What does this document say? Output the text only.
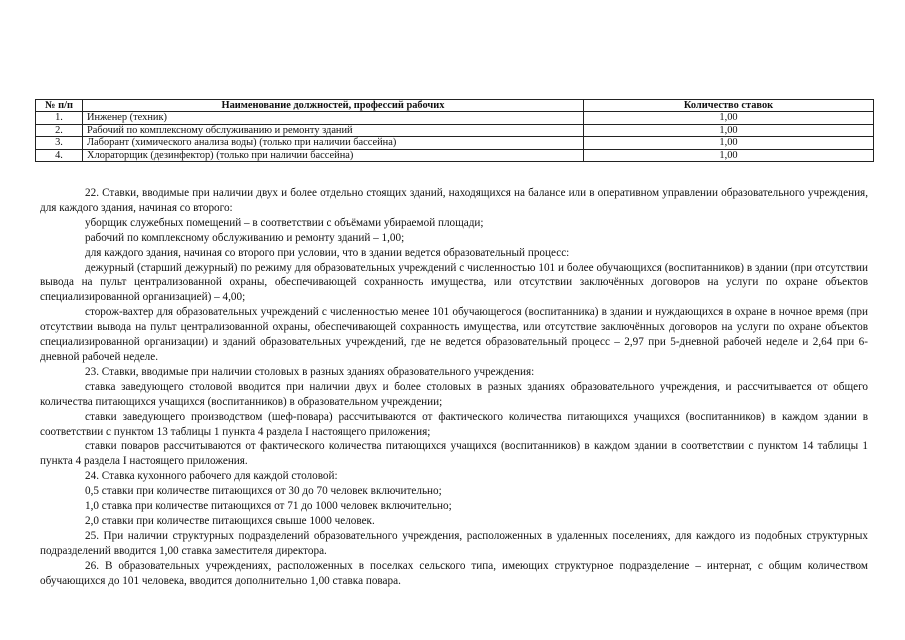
№ п/п	Наименование должностей, профессий рабочих	Количество ставок
1.	Инженер (техник)	1,00
2.	Рабочий по комплексному обслуживанию и ремонту зданий	1,00
3.	Лаборант (химического анализа воды) (только при наличии бассейна)	1,00
4.	Хлораторщик (дезинфектор) (только при наличии бассейна)	1,00

22. Ставки, вводимые при наличии двух и более отдельно стоящих зданий, находящихся на балансе или в оперативном управлении образовательного учреждения, для каждого здания, начиная со второго:

уборщик служебных помещений – в соответствии с объёмами убираемой площади;

рабочий по комплексному обслуживанию и ремонту зданий – 1,00;

для каждого здания, начиная со второго при условии, что в здании ведется образовательный процесс:

дежурный (старший дежурный) по режиму для образовательных учреждений с численностью 101 и более обучающихся (воспитанников) в здании (при отсутствии вывода на пульт централизованной охраны, обеспечивающей сохранность имущества, или отсутствии заключённых договоров на услуги по охране объектов специализированной организацией) – 4,00;

сторож-вахтер для образовательных учреждений с численностью менее 101 обучающегося (воспитанника) в здании и нуждающихся в охране в ночное время (при отсутствии вывода на пульт централизованной охраны, обеспечивающей сохранность имущества, или отсутствие заключённых договоров на услуги по охране объектов специализированной организации) и зданий образовательных учреждений, где не ведется образовательный процесс – 2,97 при 5-дневной рабочей неделе и 2,64 при 6-дневной рабочей неделе.

23. Ставки, вводимые при наличии столовых в разных зданиях образовательного учреждения:

ставка заведующего столовой вводится при наличии двух и более столовых в разных зданиях образовательного учреждения, и рассчитывается от общего количества питающихся учащихся (воспитанников) в образовательном учреждении;

ставки заведующего производством (шеф-повара) рассчитываются от фактического количества питающихся учащихся (воспитанников) в каждом здании в соответствии с пунктом 13 таблицы 1 пункта 4 раздела I настоящего приложения;

ставки поваров рассчитываются от фактического количества питающихся учащихся (воспитанников) в каждом здании в соответствии с пунктом 14 таблицы 1 пункта 4 раздела I настоящего приложения.

24. Ставка кухонного рабочего для каждой столовой:

0,5 ставки при количестве питающихся от 30 до 70 человек включительно;

1,0 ставка при количестве питающихся от 71 до 1000 человек включительно;

2,0 ставки при количестве питающихся свыше 1000 человек.

25. При наличии структурных подразделений образовательного учреждения, расположенных в удаленных поселениях, для каждого из подобных структурных подразделений вводится 1,00 ставка заместителя директора.

26. В образовательных учреждениях, расположенных в поселках сельского типа, имеющих структурное подразделение – интернат, с общим количеством обучающихся до 101 человека, вводится дополнительно 1,00 ставка повара.
